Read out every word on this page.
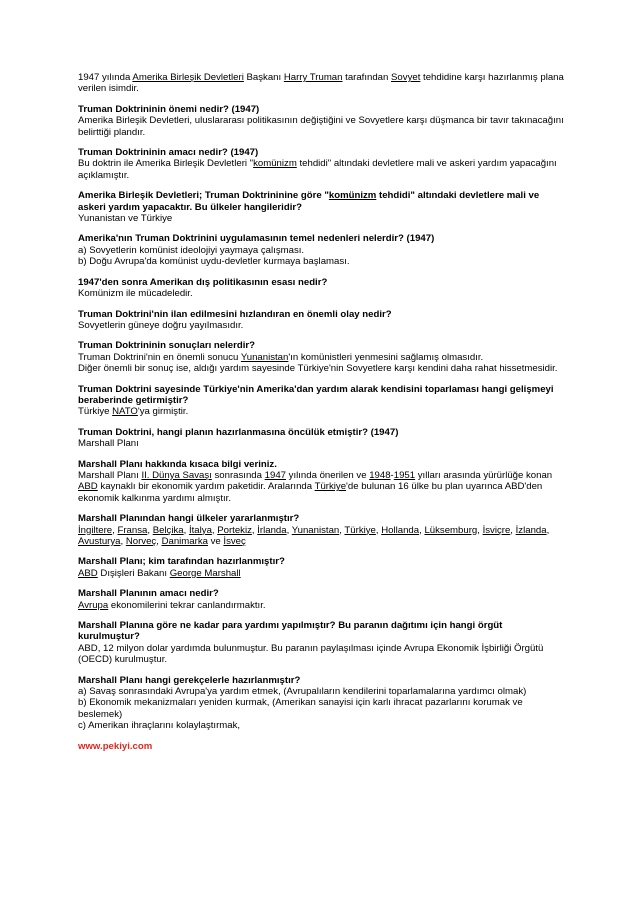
1947 yılında Amerika Birleşik Devletleri Başkanı Harry Truman tarafından Sovyet tehdidine karşı hazırlanmış plana verilen isimdir.
Truman Doktrininin önemi nedir? (1947)
Amerika Birleşik Devletleri, uluslararası politikasının değiştiğini ve Sovyetlere karşı düşmanca bir tavır takınacağını belirttiği plandır.
Truman Doktrininin amacı nedir? (1947)
Bu doktrin ile Amerika Birleşik Devletleri "komünizm tehdidi" altındaki devletlere mali ve askeri yardım yapacağını açıklamıştır.
Amerika Birleşik Devletleri; Truman Doktrininine göre "komünizm tehdidi" altındaki devletlere mali ve askeri yardım yapacaktır. Bu ülkeler hangileridir?
Yunanistan ve Türkiye
Amerika'nın Truman Doktrinini uygulamasının temel nedenleri nelerdir? (1947)
a) Sovyetlerin komünist ideolojiyi yaymaya çalışması.
b) Doğu Avrupa'da komünist uydu-devletler kurmaya başlaması.
1947'den sonra Amerikan dış politikasının esası nedir?
Komünizm ile mücadeledir.
Truman Doktrini'nin ilan edilmesini hızlandıran en önemli olay nedir?
Sovyetlerin güneye doğru yayılmasıdır.
Truman Doktrininin sonuçları nelerdir?
Truman Doktrini'nin en önemli sonucu Yunanistan'ın komünistleri yenmesini sağlamış olmasıdır.
Diğer önemli bir sonuç ise, aldığı yardım sayesinde Türkiye'nin Sovyetlere karşı kendini daha rahat hissetmesidir.
Truman Doktrini sayesinde Türkiye'nin Amerika'dan yardım alarak kendisini toparlaması hangi gelişmeyi beraberinde getirmiştir?
Türkiye NATO'ya girmiştir.
Truman Doktrini, hangi planın hazırlanmasına öncülük etmiştir? (1947)
Marshall Planı
Marshall Planı hakkında kısaca bilgi veriniz.
Marshall Planı II. Dünya Savaşı sonrasında 1947 yılında önerilen ve 1948-1951 yılları arasında yürürlüğe konan ABD kaynaklı bir ekonomik yardım paketidir. Aralarında Türkiye'de bulunan 16 ülke bu plan uyarınca ABD'den ekonomik kalkınma yardımı almıştır.
Marshall Planından hangi ülkeler yararlanmıştır?
İngiltere, Fransa, Belçika, İtalya, Portekiz, İrlanda, Yunanistan, Türkiye, Hollanda, Lüksemburg, İsviçre, İzlanda, Avusturya, Norveç, Danimarka ve İsveç
Marshall Planı; kim tarafından hazırlanmıştır?
ABD Dışişleri Bakanı George Marshall
Marshall Planının amacı nedir?
Avrupa ekonomilerini tekrar canlandırmaktır.
Marshall Planına göre ne kadar para yardımı yapılmıştır? Bu paranın dağıtımı için hangi örgüt kurulmuştur?
ABD, 12 milyon dolar yardımda bulunmuştur. Bu paranın paylaşılması içinde Avrupa Ekonomik İşbirliği Örgütü (OECD) kurulmuştur.
Marshall Planı hangi gerekçelerle hazırlanmıştır?
a) Savaş sonrasındaki Avrupa'ya yardım etmek, (Avrupalıların kendilerini toparlamalarına yardımcı olmak)
b) Ekonomik mekanizmaları yeniden kurmak, (Amerikan sanayisi için karlı ihracat pazarlarını korumak ve beslemek)
c) Amerikan ihraçlarını kolaylaştırmak,
www.pekiyi.com
